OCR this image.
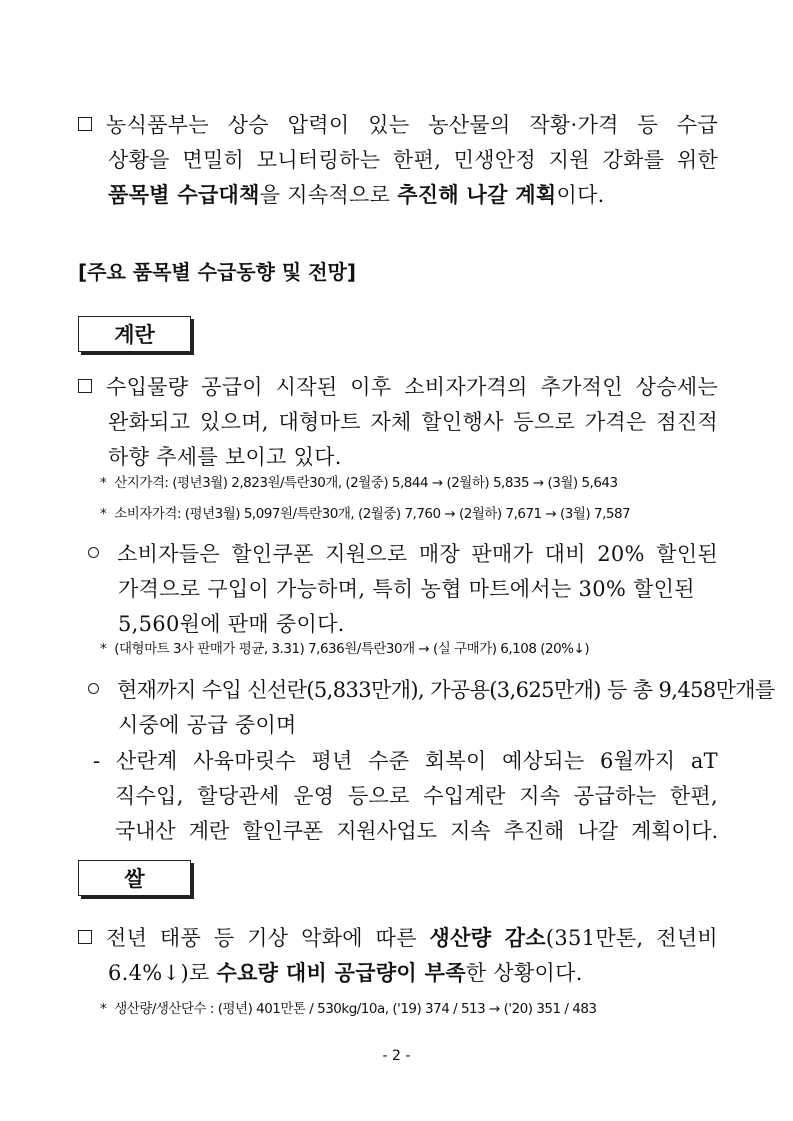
농식품부는 상승 압력이 있는 농산물의 작황·가격 등 수급
상황을 면밀히 모니터링하는 한편, 민생안정 지원 강화를 위한
품목별 수급대책을 지속적으로 추진해 나갈 계획이다.
[주요 품목별 수급동향 및 전망]
계란
수입물량 공급이 시작된 이후 소비자가격의 추가적인 상승세는
완화되고 있으며, 대형마트 자체 할인행사 등으로 가격은 점진적
하향 추세를 보이고 있다.
* 산지가격: (평년3월) 2,823원/특란30개, (2월중) 5,844 → (2월하) 5,835 → (3월) 5,643
* 소비자가격: (평년3월) 5,097원/특란30개, (2월중) 7,760 → (2월하) 7,671 → (3월) 7,587
소비자들은 할인쿠폰 지원으로 매장 판매가 대비 20% 할인된
가격으로 구입이 가능하며, 특히 농협 마트에서는 30% 할인된
5,560원에 판매 중이다.
* (대형마트 3사 판매가 평균, 3.31) 7,636원/특란30개 → (실 구매가) 6,108 (20%↓)
현재까지 수입 신선란(5,833만개), 가공용(3,625만개) 등 총 9,458만개를
시중에 공급 중이며
- 산란계 사육마릿수 평년 수준 회복이 예상되는 6월까지 aT
직수입, 할당관세 운영 등으로 수입계란 지속 공급하는 한편,
국내산 계란 할인쿠폰 지원사업도 지속 추진해 나갈 계획이다.
쌀
전년 태풍 등 기상 악화에 따른 생산량 감소(351만톤, 전년비
6.4%↓)로 수요량 대비 공급량이 부족한 상황이다.
* 생산량/생산단수 : (평년) 401만톤 / 530kg/10a, ('19) 374 / 513 → ('20) 351 / 483
- 2 -
